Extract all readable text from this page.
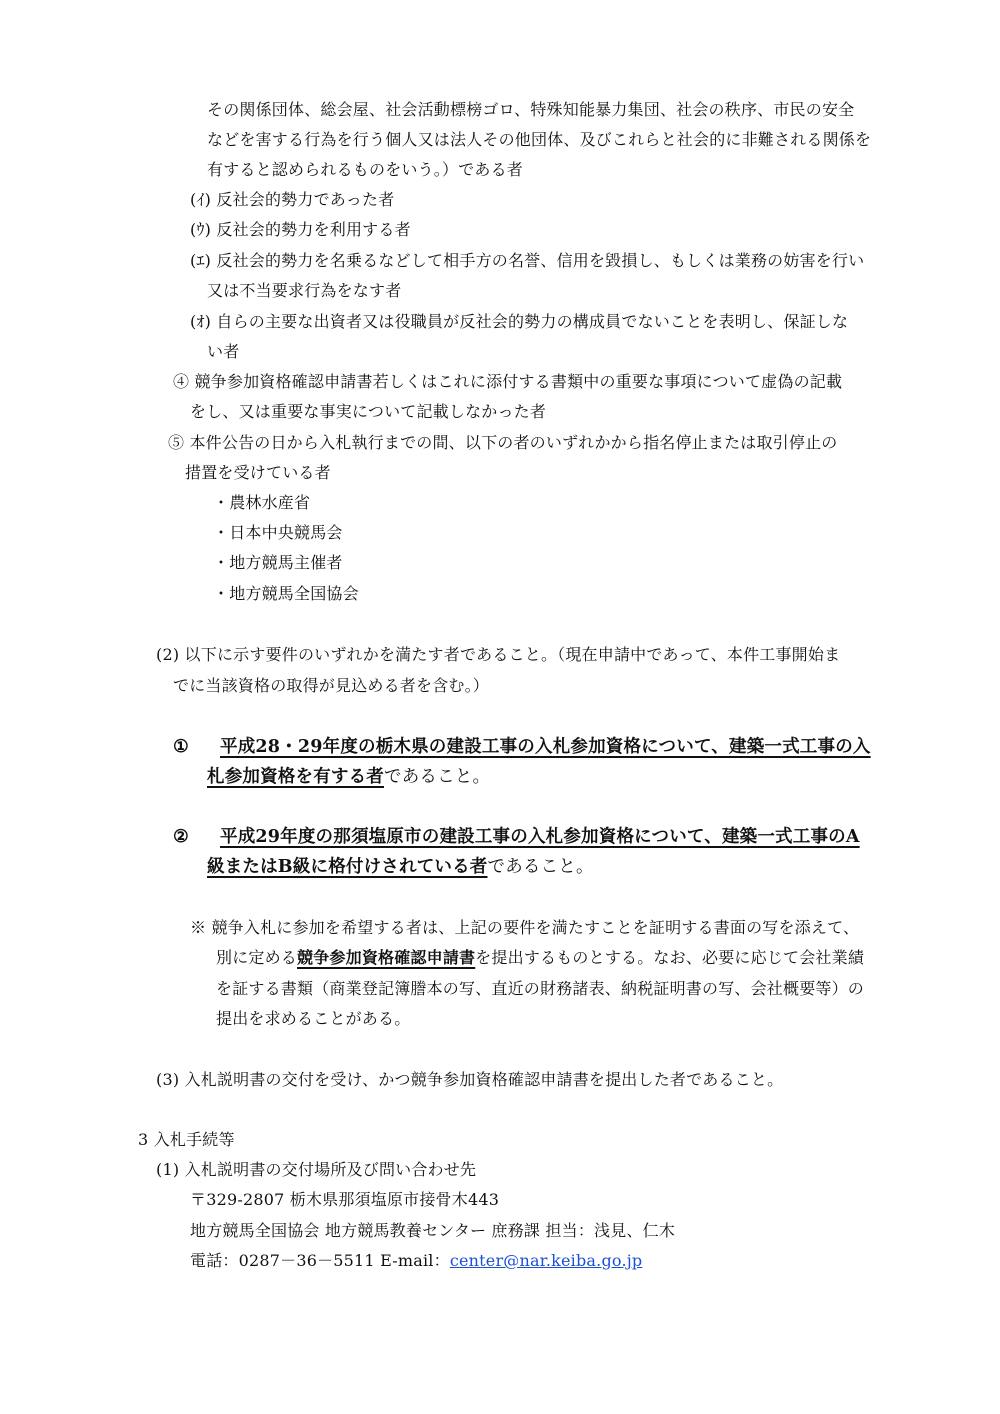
その関係団体、総会屋、社会活動標榜ゴロ、特殊知能暴力集団、社会の秩序、市民の安全
などを害する行為を行う個人又は法人その他団体、及びこれらと社会的に非難される関係を
有すると認められるものをいう。）である者
(ｲ) 反社会的勢力であった者
(ｳ) 反社会的勢力を利用する者
(ｴ) 反社会的勢力を名乗るなどして相手方の名誉、信用を毀損し、もしくは業務の妨害を行い
又は不当要求行為をなす者
(ｵ) 自らの主要な出資者又は役職員が反社会的勢力の構成員でないことを表明し、保証しな
い者
④ 競争参加資格確認申請書若しくはこれに添付する書類中の重要な事項について虚偽の記載
をし、又は重要な事実について記載しなかった者
⑤ 本件公告の日から入札執行までの間、以下の者のいずれかから指名停止または取引停止の
措置を受けている者
・農林水産省
・日本中央競馬会
・地方競馬主催者
・地方競馬全国協会
(2) 以下に示す要件のいずれかを満たす者であること。（現在申請中であって、本件工事開始ま
でに当該資格の取得が見込める者を含む。）
① 平成28・29年度の栃木県の建設工事の入札参加資格について、建築一式工事の入
札参加資格を有する者であること。
② 平成29年度の那須塩原市の建設工事の入札参加資格について、建築一式工事のA
級またはB級に格付けされている者であること。
※ 競争入札に参加を希望する者は、上記の要件を満たすことを証明する書面の写を添えて、
別に定める競争参加資格確認申請書を提出するものとする。なお、必要に応じて会社業績
を証する書類（商業登記簿謄本の写、直近の財務諸表、納税証明書の写、会社概要等）の
提出を求めることがある。
(3) 入札説明書の交付を受け、かつ競争参加資格確認申請書を提出した者であること。
3 入札手続等
(1) 入札説明書の交付場所及び問い合わせ先
〒329-2807 栃木県那須塩原市接骨木443
地方競馬全国協会 地方競馬教養センター 庶務課 担当：浅見、仁木
電話：0287－36－5511 E-mail：center@nar.keiba.go.jp
